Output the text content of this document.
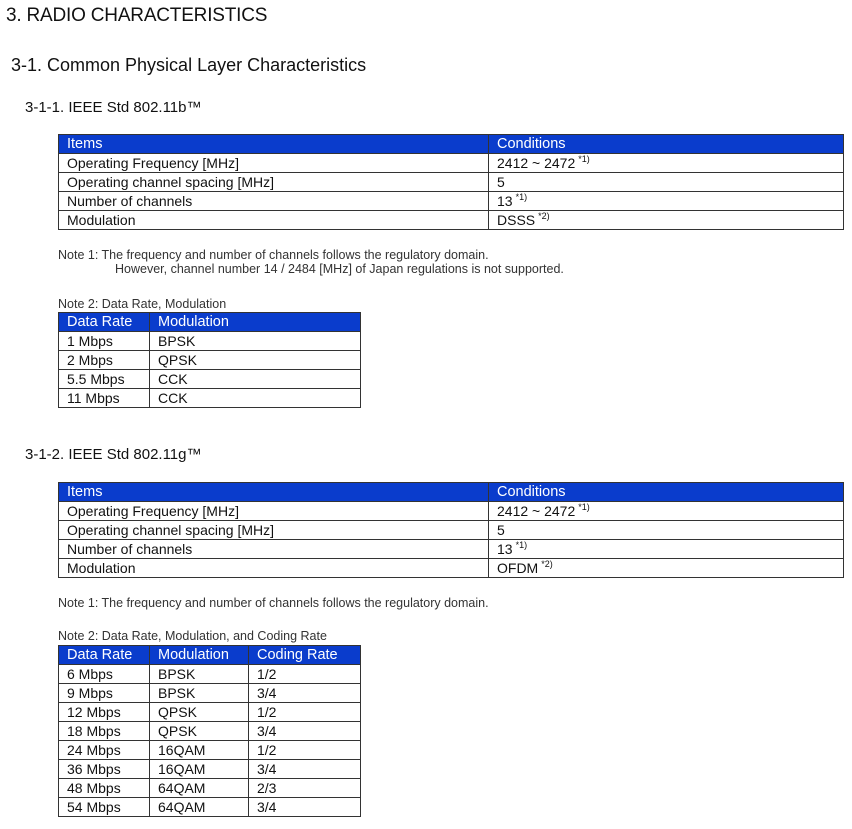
3. RADIO CHARACTERISTICS
3-1. Common Physical Layer Characteristics
3-1-1. IEEE Std 802.11b™
Items	Conditions
Operating Frequency [MHz]	2412 ~ 2472 $^{*1)}$
Operating channel spacing [MHz]	5
Number of channels	13 $^{*1)}$
Modulation	DSSS $^{*2)}$

Note 1: The frequency and number of channels follows the regulatory domain.
However, channel number 14 / 2484 [MHz] of Japan regulations is not supported.

Note 2: Data Rate, Modulation

Data Rate	Modulation
1 Mbps	BPSK
2 Mbps	QPSK
5.5 Mbps	CCK
11 Mbps	CCK
3-1-2. IEEE Std 802.11g™
Items	Conditions
Operating Frequency [MHz]	2412 ~ 2472 $^{*1)}$
Operating channel spacing [MHz]	5
Number of channels	13 $^{*1)}$
Modulation	OFDM $^{*2)}$

Note 1: The frequency and number of channels follows the regulatory domain.

Note 2: Data Rate, Modulation, and Coding Rate

Data Rate	Modulation	Coding Rate
6 Mbps	BPSK	1/2
9 Mbps	BPSK	3/4
12 Mbps	QPSK	1/2
18 Mbps	QPSK	3/4
24 Mbps	16QAM	1/2
36 Mbps	16QAM	3/4
48 Mbps	64QAM	2/3
54 Mbps	64QAM	3/4
